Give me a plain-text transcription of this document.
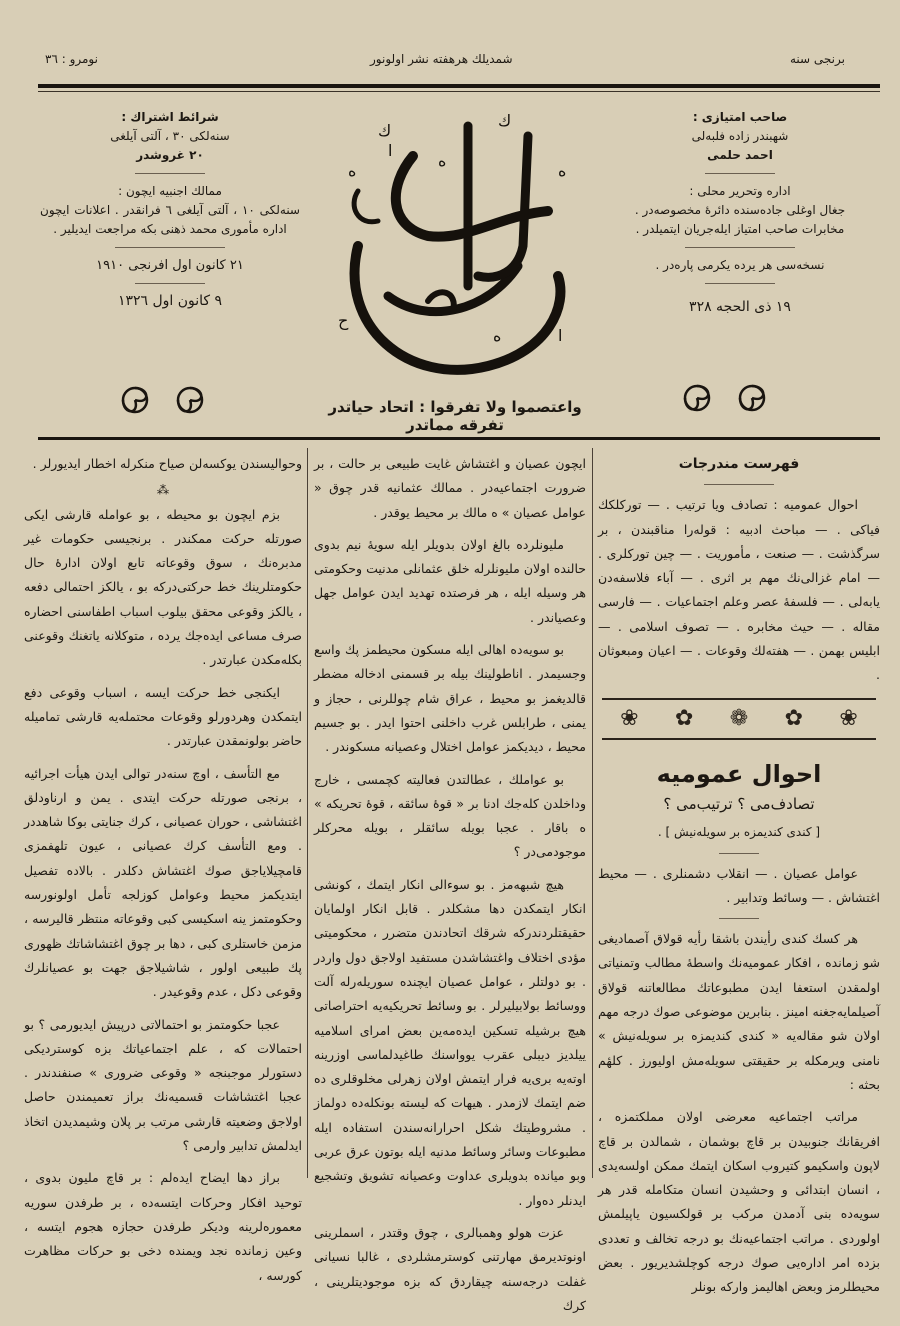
برنجی سنه
شمدیلك هرهفته نشر اولونور
نومرو : ٣٦
شرائط اشتراك :
سنه‌لکی ٣٠ ، آلتی آیلغی
٢٠ غروشدر
ممالك اجنبیه ایچون :
سنه‌لکی ١٠ ، آلتی آیلغی ٦ فرانقدر . اعلانات ایچون اداره مأموری محمد ذهنی بکه مراجعت ایدیلیر .
٢١ كانون اول افرنجی ١٩١٠
٩ كانون اول ١٣٢٦
صاحب امتیازی :
شهبندر زاده فلبه‌لی
احمد حلمی
اداره وتحریر محلی :
جغال اوغلی جاده‌سنده دائرهٔ مخصوصه‌در .
مخابرات صاحب امتیاز ایله‌جریان ایتمیلدر .
نسخه‌سی هر یرده یکرمی پاره‌در .
١٩ ذی الحجه ٣٢٨
ه
ا
ه
ك
ه
ح
ا
ه
ك
واعتصموا ولا تفرقوا : اتحاد حیاتدر تفرقه مماتدر

فهرست مندرجات

احوال عمومیه : تصادف ویا ترتیب . — تورکلکك فیاکی . — مباحث ادبیه : قوله‌را مناقبندن ، بر سرگذشت . — صنعت ، مأموریت . — چین تورکلری . — امام غزالی‌نك مهم بر اثری . — آباء فلاسفه‌دن یابه‌لی . — فلسفهٔ عصر وعلم اجتماعیات . — فارسی مقاله . — حیث مخابره . — تصوف اسلامی . — ابلیس بهمن . — هفته‌لك وقوعات . — اعیان ومبعوثان .

❀ ✿ ❁ ✿ ❀
احوال عمومیه
تصادف‌می ؟ ترتیب‌می ؟
[ کندی کندیمزه بر سویله‌نیش ] .

عوامل عصیان . — انقلاب دشمنلری . — محیط اغتشاش . — وسائط وتدابیر .

هر کسك کندی رأیندن باشقا رأیه قولاق آصمادیغی شو زمانده ، افکار عمومیه‌نك واسطهٔ مطالب وتمنیاتی اولمقدن استعفا ایدن مطبوعاتك مطالعاتنه قولاق آصیلمایه‌جغنه امینز . بنابرین موضوعی صوك درجه مهم اولان شو مقاله‌یه « کندی کندیمزه بر سویله‌نیش » نامنی ویرمکله بر حقیقتی سویله‌مش اولیورز . کلهٔم بحثه :

مراتب اجتماعیه معرضی اولان مملکتمزه ، افریقانك جنوبیدن بر قاچ بوشمان ، شمالدن بر قاچ لاپون واسکیمو کتیروب اسکان ایتمك ممکن اولسه‌یدی ، انسان ابتدائی و وحشیدن انسان متکامله قدر هر سویه‌ده بنی آدمدن مرکب بر قولکسیون یاپیلمش اولوردی . مراتب اجتماعیه‌نك بو درجه تخالف و تعددی بزده امر اداره‌یی صوك درجه کوچلشدیریور . بعض محیطلرمز وبعض اهالیمز وارکه بونلر

ایچون عصیان و اغتشاش غایت طبیعی بر حالت ، بر ضرورت اجتماعیه‌در . ممالك عثمانیه قدر چوق « عوامل عصیان » ه مالك بر محیط یوقدر .

ملیونلرده بالغ اولان بدویلر ایله سویهٔ نیم بدوی حالنده اولان ملیونلرله خلق عثمانلی مدنیت وحکومتی هر وسیله ایله ، هر فرصتده تهدید ایدن عوامل جهل وعصیاندر .

بو سویه‌ده اهالی ایله مسکون محیطمز پك واسع وجسیمدر . اناطولینك بیله بر قسمنی ادخاله مضطر قالدیغمز بو محیط ، عراق شام چوللرنی ، حجاز و یمنی ، طرابلس غرب داخلنی احتوا ایدر . بو جسیم محیط ، دیدیکمز عوامل اختلال وعصیانه مسکوندر .

بو عواملك ، عطالتدن فعالیته کچمسی ، خارج وداخلدن کله‌جك ادنا بر « قوهٔ سائقه ، قوهٔ تحریکه » ه باقار . عجبا بویله سائقلر ، بویله محرکلر موجودمی‌در ؟

هیچ شبهه‌مز . بو سوءالی انکار ایتمك ، کونشی انکار ایتمکدن دها مشکلدر . قابل انکار اولمایان حقیقتلردندرکه شرقك اتحادندن متضرر ، محکومیتی مؤدی اختلاف واغتشاشدن مستفید اولاجق دول واردر . بو دولتلر ، عوامل عصیان ایچنده سوریله‌رله آلت ووسائط بولابیلیرلر . بو وسائط تحریکیه‌یه احتراصاتی هیچ برشیله تسکین ایده‌مه‌ین بعض امرای اسلامیه ییلدیز دیبلی عقرب یوواسنك طاغیدلماسی اوزرینه اوته‌یه بری‌یه فرار ایتمش اولان زهرلی مخلوقلری ده ضم ایتمك لازمدر . هیهات که لیسته بونکله‌ده دولماز . مشروطیتك شکل احرارانه‌سندن استفاده ایله مطبوعات وسائر وسائط مدنیه ایله بوتون عرق عربی وبو میانده بدویلری عداوت وعصیانه تشویق وتشجیع ایدنلر ده‌وار .

عزت هولو وهمبالری ، چوق وقتدر ، اسملرینی اونوتدیرمق مهارتنی کوسترمشلردی ، غالبا نسیانی غفلت درجه‌سنه چیقاردق که بزه موجودیتلرینی ، کرك

وحوالیسندن یوکسه‌لن صیاح منکرله اخطار ایدیورلر .

⁂

بزم ایچون بو محیطه ، بو عوامله قارشی ایکی صورتله حرکت ممکندر . برنجیسی حکومات غیر مدبره‌نك ، سوق وقوعاته تابع اولان ادارهٔ حال حکومتلرینك خط حرکتی‌درکه بو ، یالکز احتمالی دفعه ، یالکز وقوعی محقق بیلوب اسباب اطفاسنی احضاره صرف مساعی ایده‌جك یرده ، متوکلانه یاتغنك وقوعنی بکله‌مکدن عبارتدر .

ایکنجی خط حرکت ایسه ، اسباب وقوعی دفع ایتمکدن وهردورلو وقوعات محتمله‌یه قارشی تمامیله حاضر بولونمقدن عبارتدر .

مع التأسف ، اوچ سنه‌در توالی ایدن هیأت اجرائیه ، برنجی صورتله حرکت ایتدی . یمن و ارناودلق اغتشاشی ، حوران عصیانی ، کرك جنایتی بوکا شاهددر . ومع التأسف کرك عصیانی ، عیون تلهفمزی قامچیلایاجق صوك اغتشاش دکلدر . بالاده تفصیل ایتدیکمز محیط وعوامل کوزلجه تأمل اولونورسه وحکومتمز ینه اسکیسی کبی وقوعاته منتظر قالیرسه ، مزمن خاستلری کبی ، دها بر چوق اغتشاشاتك ظهوری پك طبیعی اولور ، شاشیلاجق جهت بو عصیانلرك وقوعی دکل ، عدم وقوعیدر .

عجبا حکومتمز بو احتمالاتی درپیش ایدیورمی ؟ بو احتمالات که ، علم اجتماعیاتك بزه کوستردیکی دستورلر موجبنجه « وقوعی ضروری » صنفندندر . عجبا اغتشاشات قسمیه‌نك براز تعمیمندن حاصل اولاجق وضعیته قارشی مرتب بر پلان وشیمدیدن اتخاذ ایدلمش تدابیر وارمی ؟

براز دها ایضاح ایده‌لم : بر قاچ ملیون بدوی ، توحید افکار وحرکات ایتسه‌ده ، بر طرفدن سوریه معموره‌لرینه ودیکر طرفدن حجازه هجوم ایتسه ، وعین زمانده نجد ویمنده دخی بو حرکات مظاهرت کورسه ،
